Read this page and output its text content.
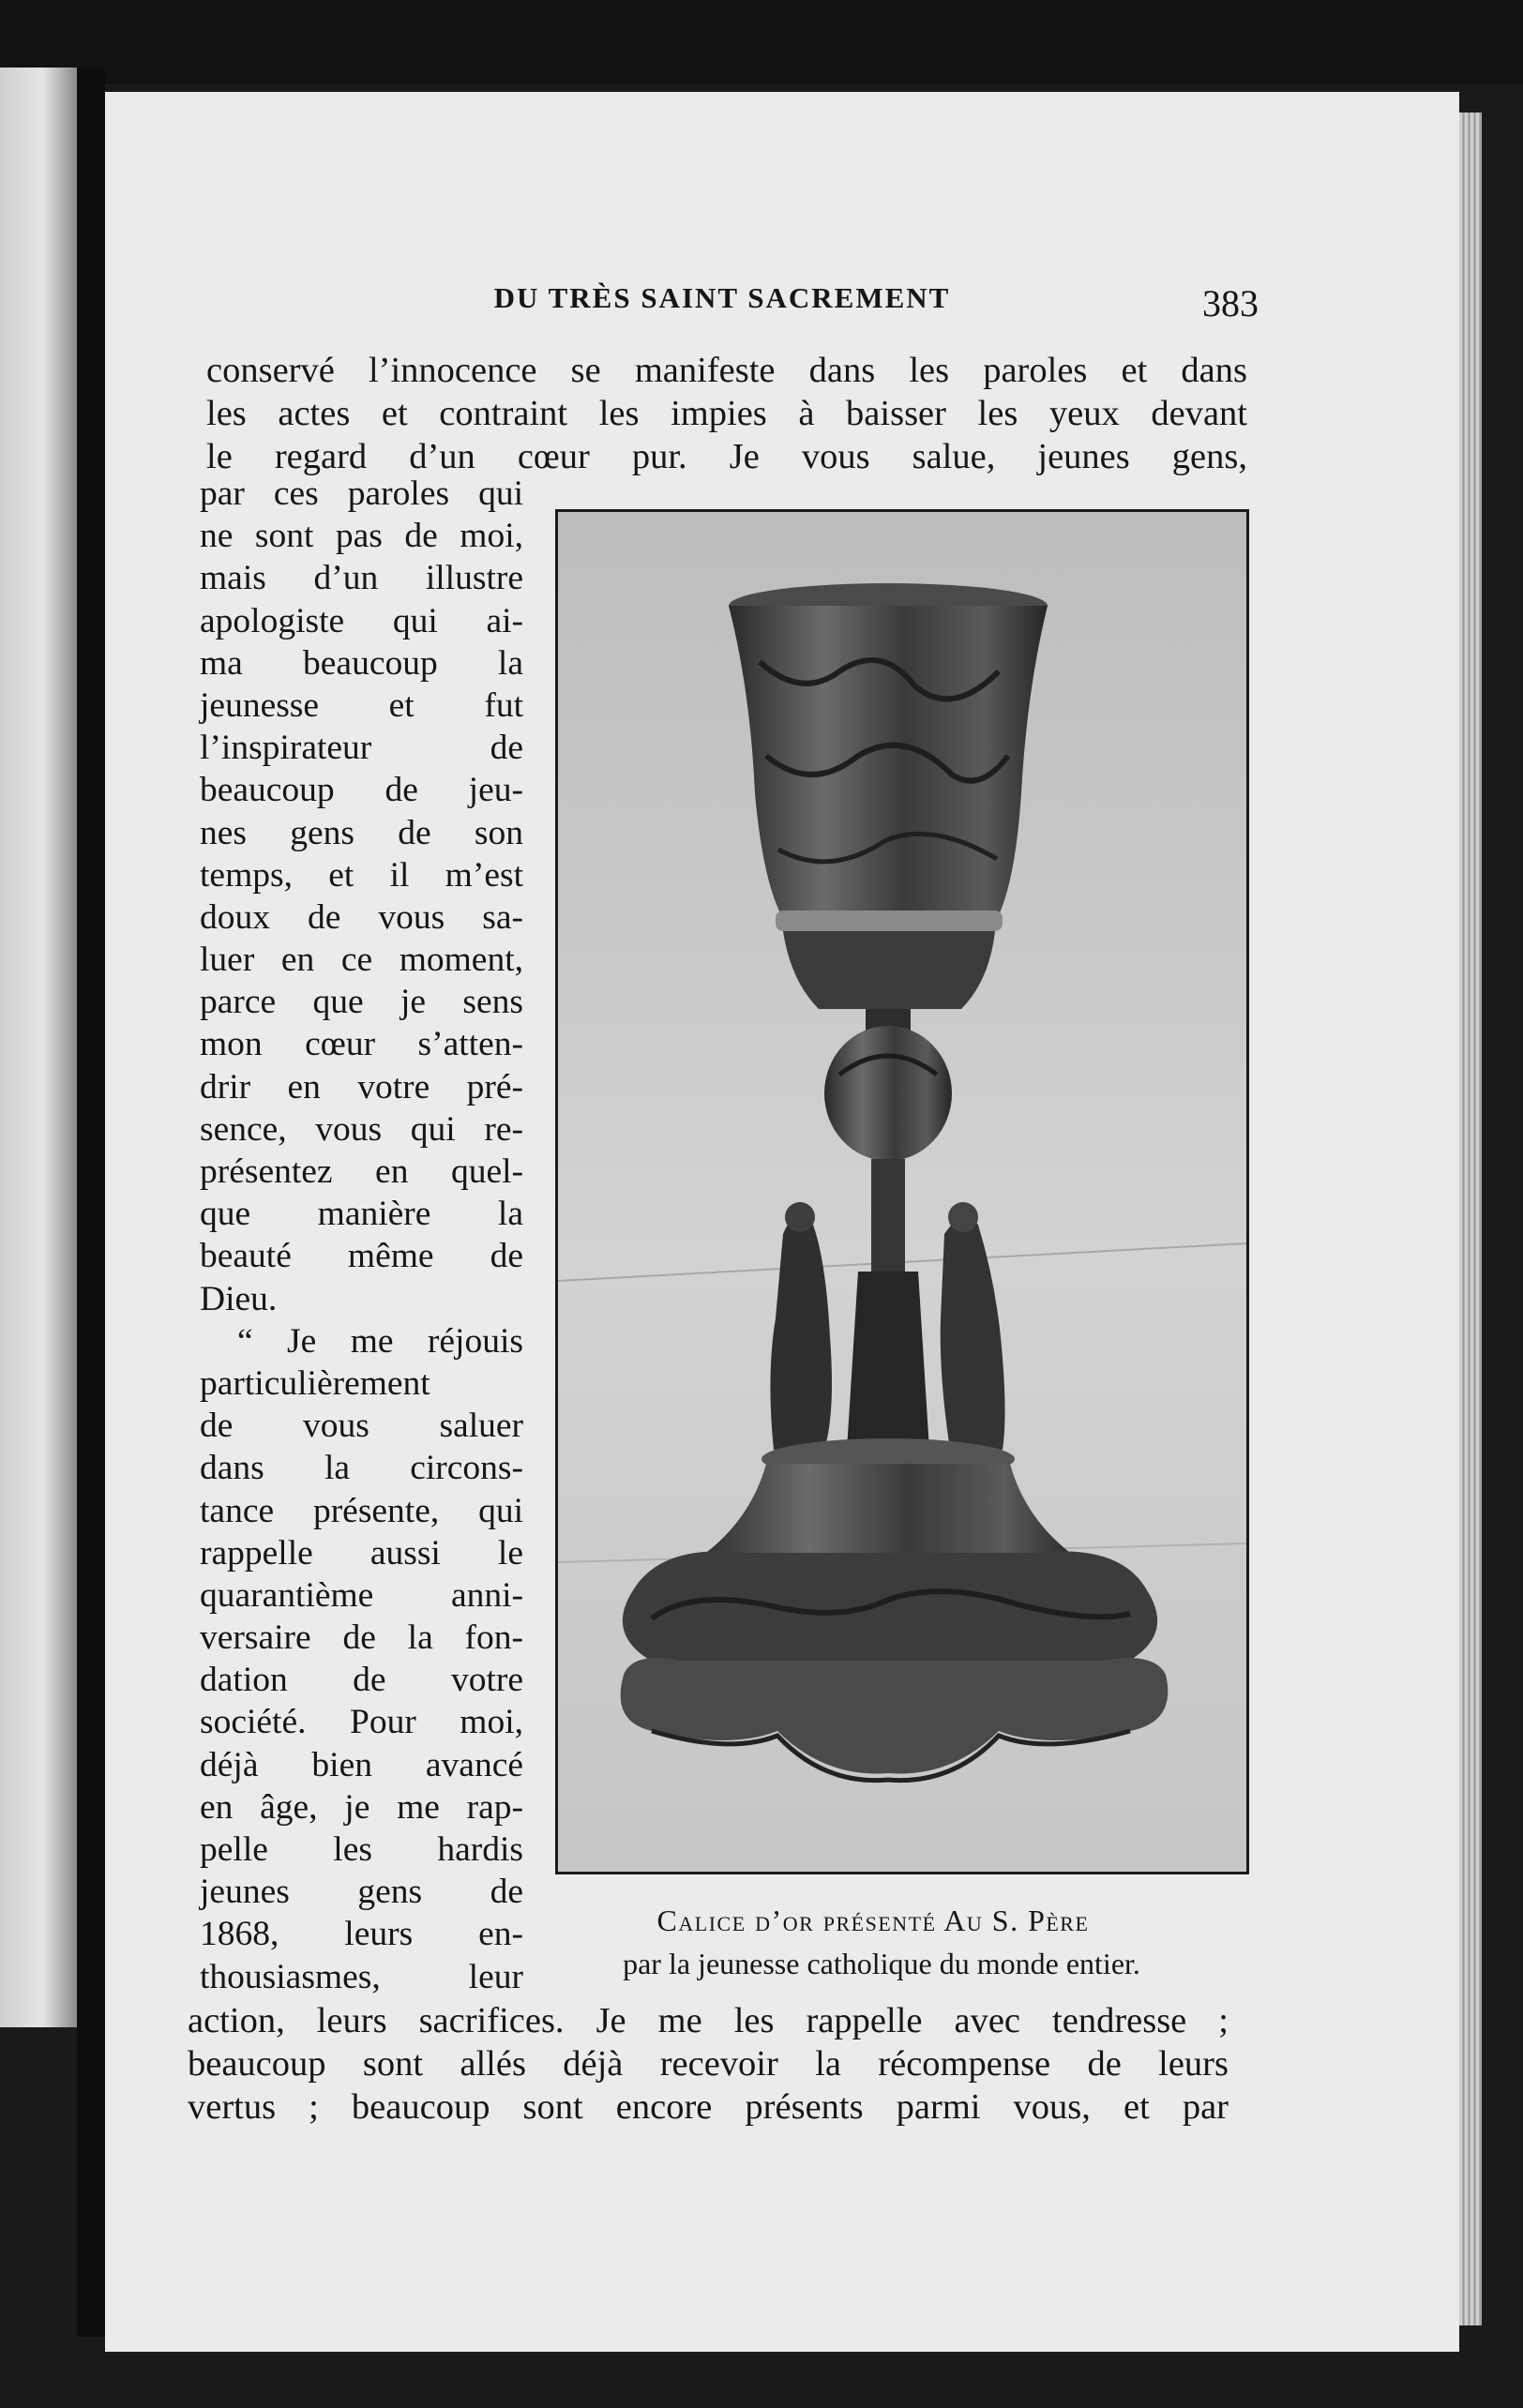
DU TRÈS SAINT SACREMENT	383
conservé l’innocence se manifeste dans les paroles et dans
les actes et contraint les impies à baisser les yeux devant
le regard d’un cœur pur. Je vous salue, jeunes gens,
par ces paroles qui
ne sont pas de moi,
mais d’un illustre
apologiste qui ai-
ma beaucoup la
jeunesse et fut
l’inspirateur de
beaucoup de jeu-
nes gens de son
temps, et il m’est
doux de vous sa-
luer en ce moment,
parce que je sens
mon cœur s’atten-
drir en votre pré-
sence, vous qui re-
présentez en quel-
que manière la
beauté même de
Dieu.
“ Je me réjouis
particulièrement
de vous saluer
dans la circons-
tance présente, qui
rappelle aussi le
quarantième anni-
versaire de la fon-
dation de votre
société. Pour moi,
déjà bien avancé
en âge, je me rap-
pelle les hardis
jeunes gens de
1868, leurs en-
thousiasmes, leur
Calice d’or présenté Au S. Père
par la jeunesse catholique du monde entier.
action, leurs sacrifices. Je me les rappelle avec tendresse ;
beaucoup sont allés déjà recevoir la récompense de leurs
vertus ; beaucoup sont encore présents parmi vous, et par
